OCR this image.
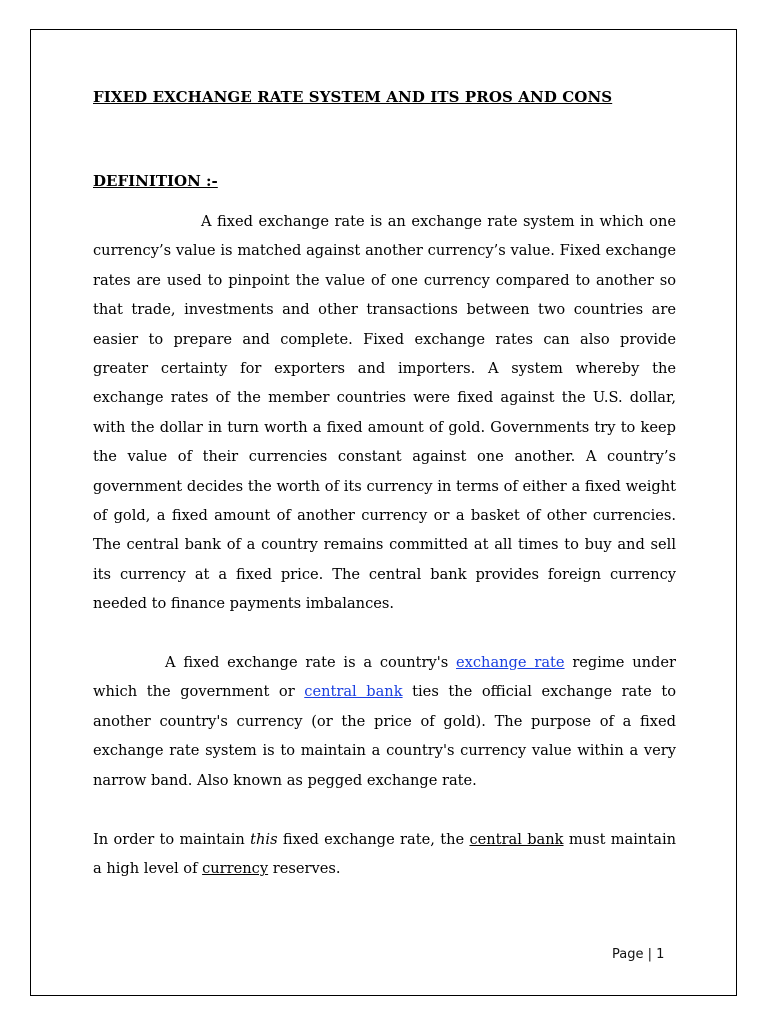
FIXED EXCHANGE RATE SYSTEM AND ITS PROS AND CONS
DEFINITION :-

A fixed exchange rate is an exchange rate system in which one currency’s value is matched against another currency’s value. Fixed exchange rates are used to pinpoint the value of one currency compared to another so that trade, investments and other transactions between two countries are easier to prepare and complete. Fixed exchange rates can also provide greater certainty for exporters and importers. A system whereby the exchange rates of the member countries were fixed against the U.S. dollar, with the dollar in turn worth a fixed amount of gold. Governments try to keep the value of their currencies constant against one another. A country’s government decides the worth of its currency in terms of either a fixed weight of gold, a fixed amount of another currency or a basket of other currencies. The central bank of a country remains committed at all times to buy and sell its currency at a fixed price. The central bank provides foreign currency needed to finance payments imbalances.

A fixed exchange rate is a country's exchange rate regime under which the government or central bank ties the official exchange rate to another country's currency (or the price of gold). The purpose of a fixed exchange rate system is to maintain a country's currency value within a very narrow band. Also known as pegged exchange rate.

In order to maintain this fixed exchange rate, the central bank must maintain a high level of currency reserves.

Page | 1
